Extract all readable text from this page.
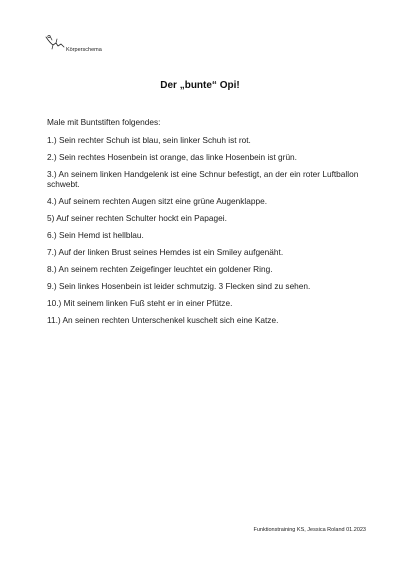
Körperschema
Der „bunte“ Opi!
Male mit Buntstiften folgendes:
1.) Sein rechter Schuh ist blau, sein linker Schuh ist rot.
2.) Sein rechtes Hosenbein ist orange, das linke Hosenbein ist grün.
3.) An seinem linken Handgelenk ist eine Schnur befestigt, an der ein roter Luftballon schwebt.
4.) Auf seinem rechten Augen sitzt eine grüne Augenklappe.
5) Auf seiner rechten Schulter hockt ein Papagei.
6.) Sein Hemd ist hellblau.
7.) Auf der linken Brust seines Hemdes ist ein Smiley aufgenäht.
8.) An seinem rechten Zeigefinger leuchtet ein goldener Ring.
9.) Sein linkes Hosenbein ist leider schmutzig. 3 Flecken sind zu sehen.
10.) Mit seinem linken Fuß steht er in einer Pfütze.
11.) An seinen rechten Unterschenkel kuschelt sich eine Katze.
Funktionstraining KS, Jessica Roland 01.2023
